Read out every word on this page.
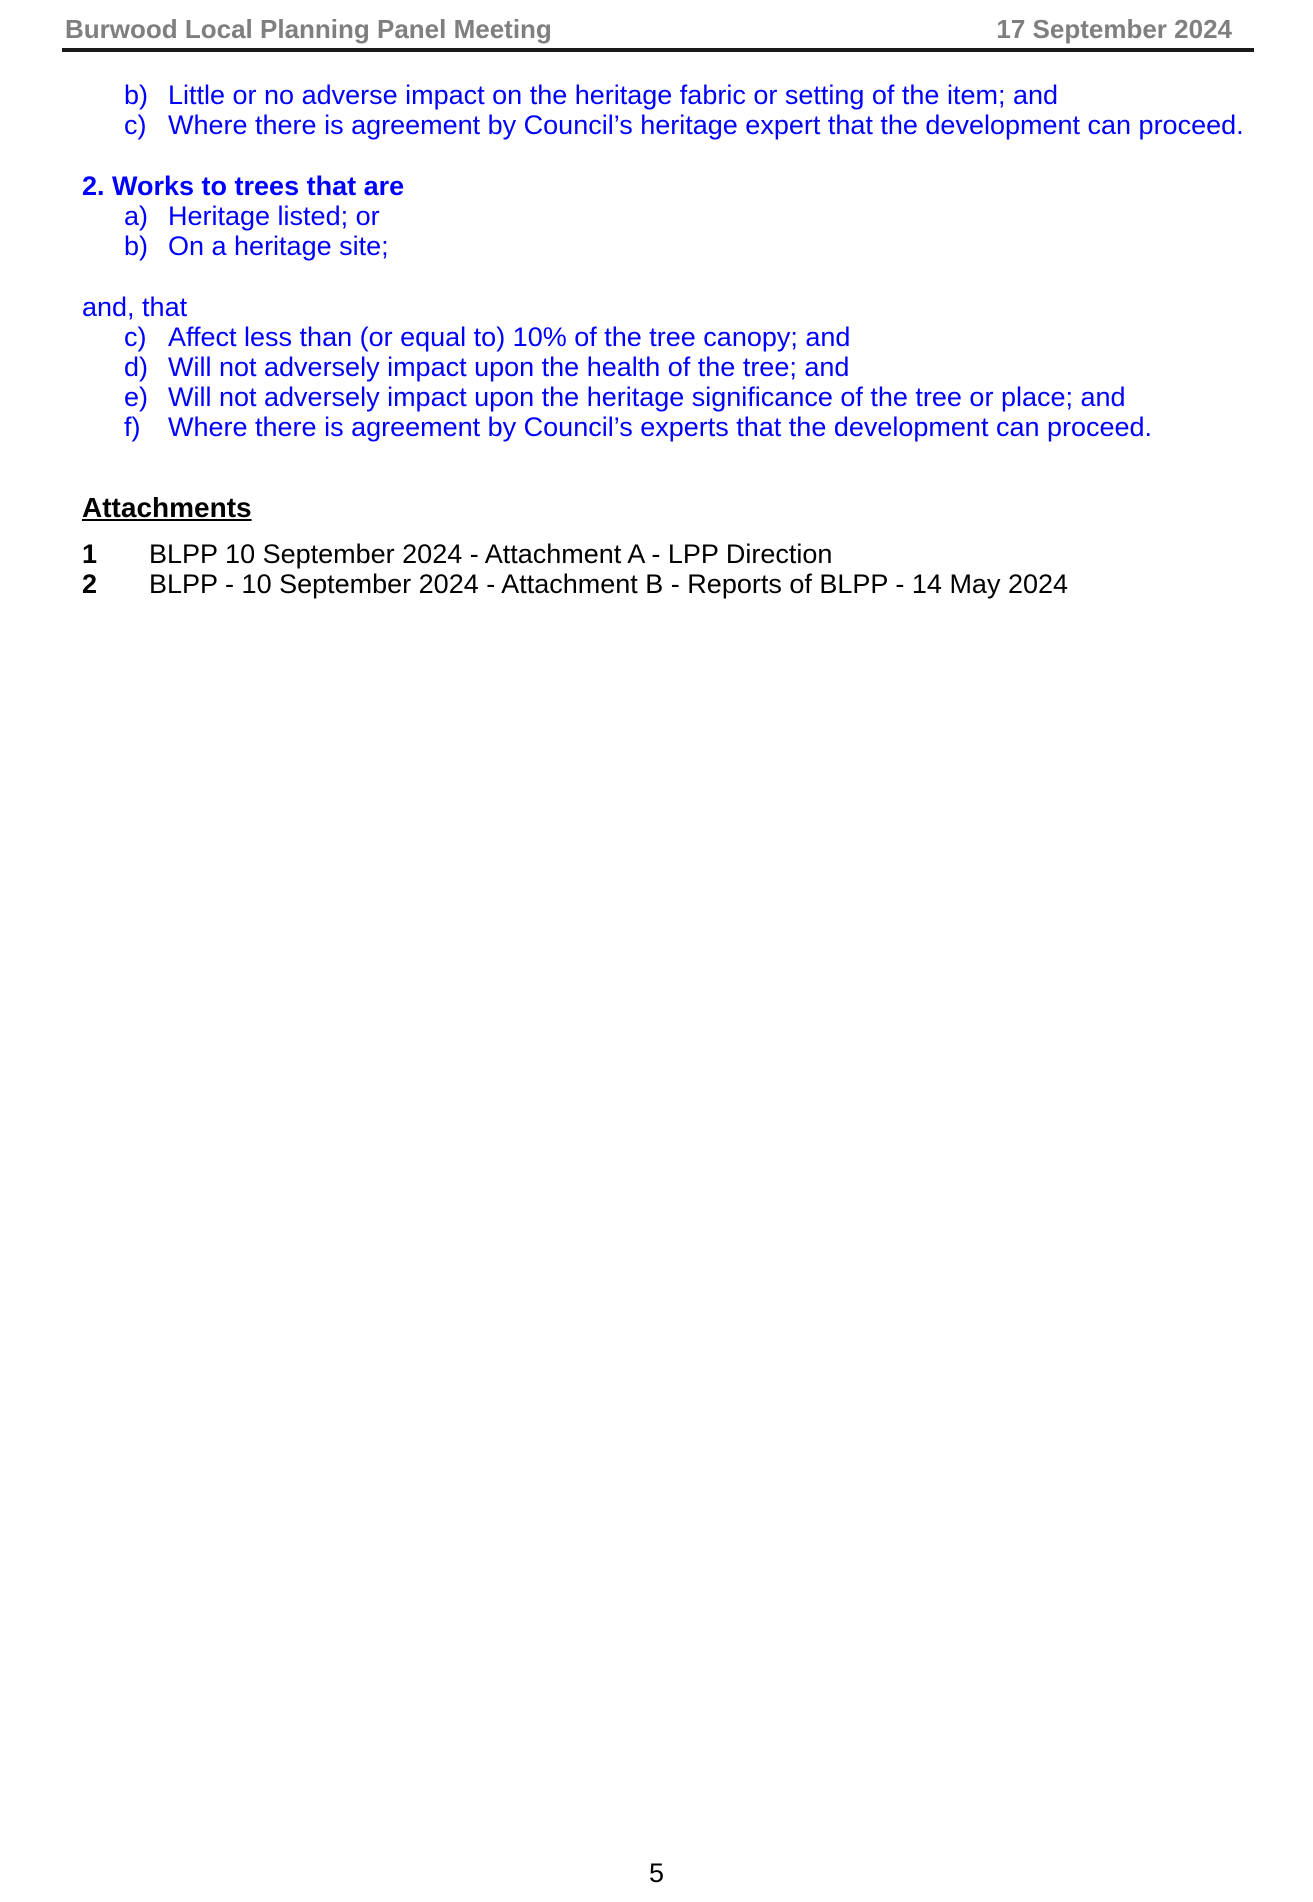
Burwood Local Planning Panel Meeting	17 September 2024
b) Little or no adverse impact on the heritage fabric or setting of the item; and
c) Where there is agreement by Council’s heritage expert that the development can proceed.
2. Works to trees that are
a) Heritage listed; or
b) On a heritage site;
and, that
c) Affect less than (or equal to) 10% of the tree canopy; and
d) Will not adversely impact upon the health of the tree; and
e) Will not adversely impact upon the heritage significance of the tree or place; and
f) Where there is agreement by Council’s experts that the development can proceed.
Attachments
1 BLPP 10 September 2024 - Attachment A - LPP Direction
2 BLPP - 10 September 2024 - Attachment B - Reports of BLPP - 14 May 2024
5
